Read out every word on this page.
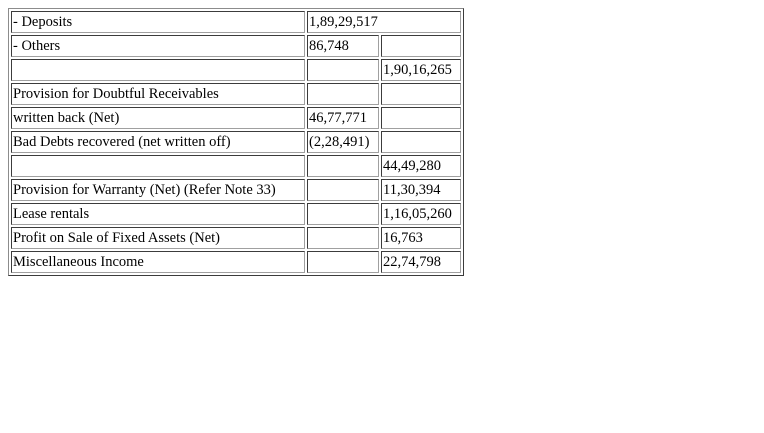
- Deposits	1,89,29,517	
- Others	86,748	
		1,90,16,265
Provision for Doubtful Receivables		
written back (Net)	46,77,771	
Bad Debts recovered (net written off)	(2,28,491)	
		44,49,280
Provision for Warranty (Net) (Refer Note 33)		11,30,394
Lease rentals		1,16,05,260
Profit on Sale of Fixed Assets (Net)		16,763
Miscellaneous Income		22,74,798
